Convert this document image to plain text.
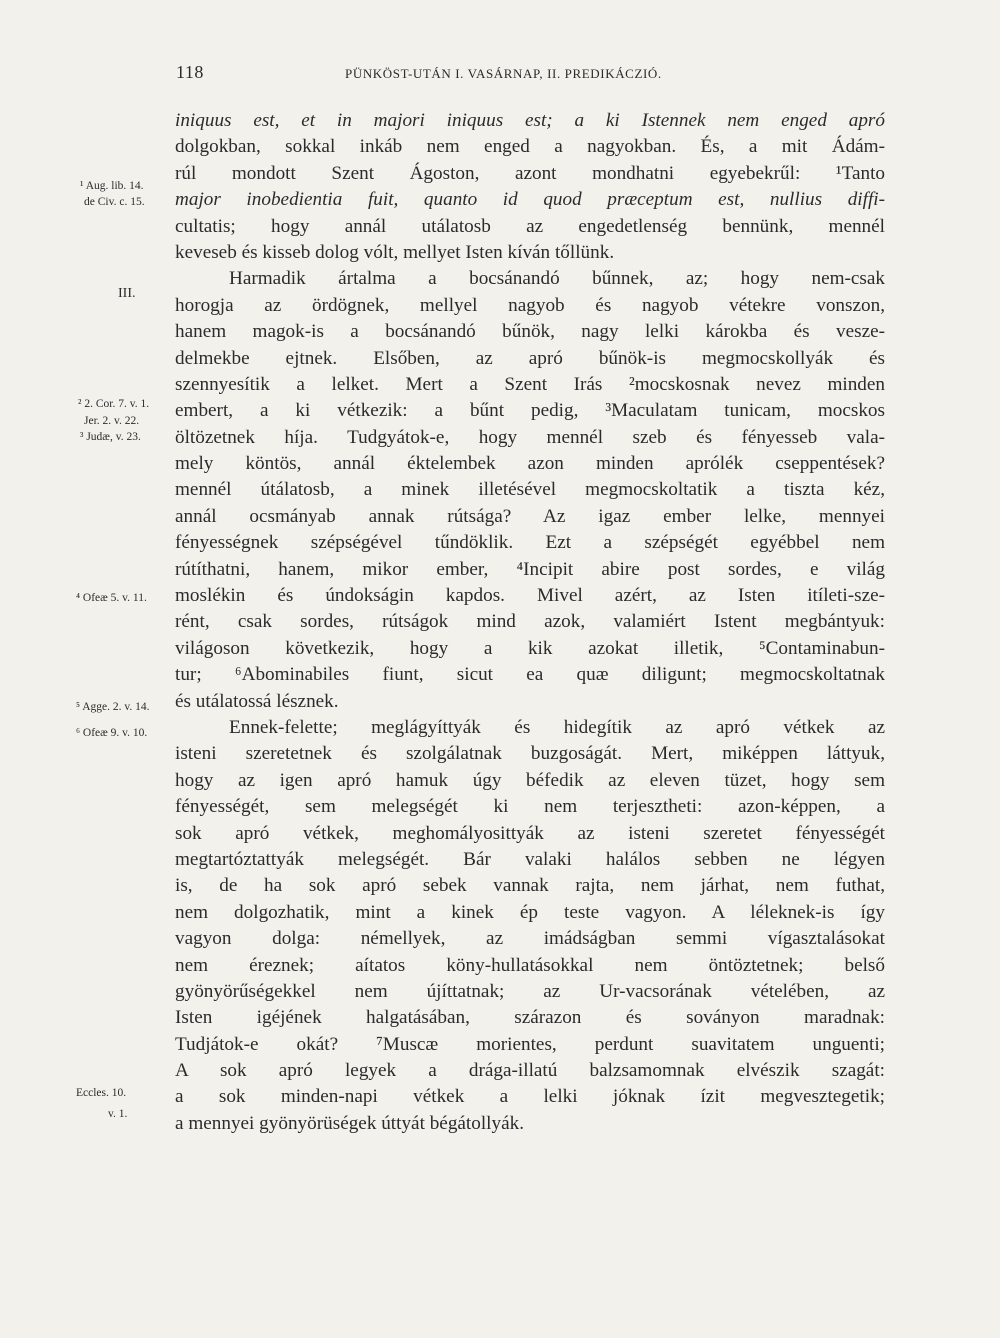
118	PÜNKÖST-UTÁN I. VASÁRNAP, II. PREDIKÁCZIÓ.
¹ Aug. lib. 14.
de Civ. c. 15.
III.
² 2. Cor. 7. v. 1.
Jer. 2. v. 22.
³ Judæ, v. 23.
⁴ Ofeæ 5. v. 11.
⁵ Agge. 2. v. 14.
⁶ Ofeæ 9. v. 10.
Eccles. 10.
v. 1.
iniquus est, et in majori iniquus est; a ki Istennek nem enged apró
dolgokban, sokkal inkáb nem enged a nagyokban. És, a mit Ádám-
rúl mondott Szent Ágoston, azont mondhatni egyebekrűl: ¹Tanto
major inobedientia fuit, quanto id quod præceptum est, nullius diffi-
cultatis; hogy annál utálatosb az engedetlenség bennünk, mennél
keveseb és kisseb dolog vólt, mellyet Isten kíván tőllünk.
Harmadik ártalma a bocsánandó bűnnek, az; hogy nem-csak
horogja az ördögnek, mellyel nagyob és nagyob vétekre vonszon,
hanem magok-is a bocsánandó bűnök, nagy lelki károkba és vesze-
delmekbe ejtnek. Elsőben, az apró bűnök-is megmocskollyák és
szennyesítik a lelket. Mert a Szent Irás ²mocskosnak nevez minden
embert, a ki vétkezik: a bűnt pedig, ³Maculatam tunicam, mocskos
öltözetnek híja. Tudgyátok-e, hogy mennél szeb és fényesseb vala-
mely köntös, annál éktelembek azon minden aprólék cseppentések?
mennél útálatosb, a minek illetésével megmocskoltatik a tiszta kéz,
annál ocsmányab annak rútsága? Az igaz ember lelke, mennyei
fényességnek szépségével tűndöklik. Ezt a szépségét egyébbel nem
rútíthatni, hanem, mikor ember, ⁴Incipit abire post sordes, e világ
moslékin és úndokságin kapdos. Mivel azért, az Isten itíleti-sze-
rént, csak sordes, rútságok mind azok, valamiért Istent megbántyuk:
világoson következik, hogy a kik azokat illetik, ⁵Contaminabun-
tur; ⁶Abominabiles fiunt, sicut ea quæ diligunt; megmocskoltatnak
és utálatossá lésznek.
Ennek-felette; meglágyíttyák és hidegítik az apró vétkek az
isteni szeretetnek és szolgálatnak buzgoságát. Mert, miképpen láttyuk,
hogy az igen apró hamuk úgy béfedik az eleven tüzet, hogy sem
fényességét, sem melegségét ki nem terjesztheti: azon-képpen, a
sok apró vétkek, meghomályosittyák az isteni szeretet fényességét
megtartóztattyák melegségét. Bár valaki halálos sebben ne légyen
is, de ha sok apró sebek vannak rajta, nem járhat, nem futhat,
nem dolgozhatik, mint a kinek ép teste vagyon. A léleknek-is így
vagyon dolga: némellyek, az imádságban semmi vígasztalásokat
nem éreznek; aítatos köny-hullatásokkal nem öntöztetnek; belső
gyönyörűségekkel nem újíttatnak; az Ur-vacsorának vételében, az
Isten igéjének halgatásában, szárazon és soványon maradnak:
Tudjátok-e okát? ⁷Muscæ morientes, perdunt suavitatem unguenti;
A sok apró legyek a drága-illatú balzsamomnak elvészik szagát:
a sok minden-napi vétkek a lelki jóknak ízit megvesztegetik;
a mennyei gyönyörüségek úttyát bégátollyák.
